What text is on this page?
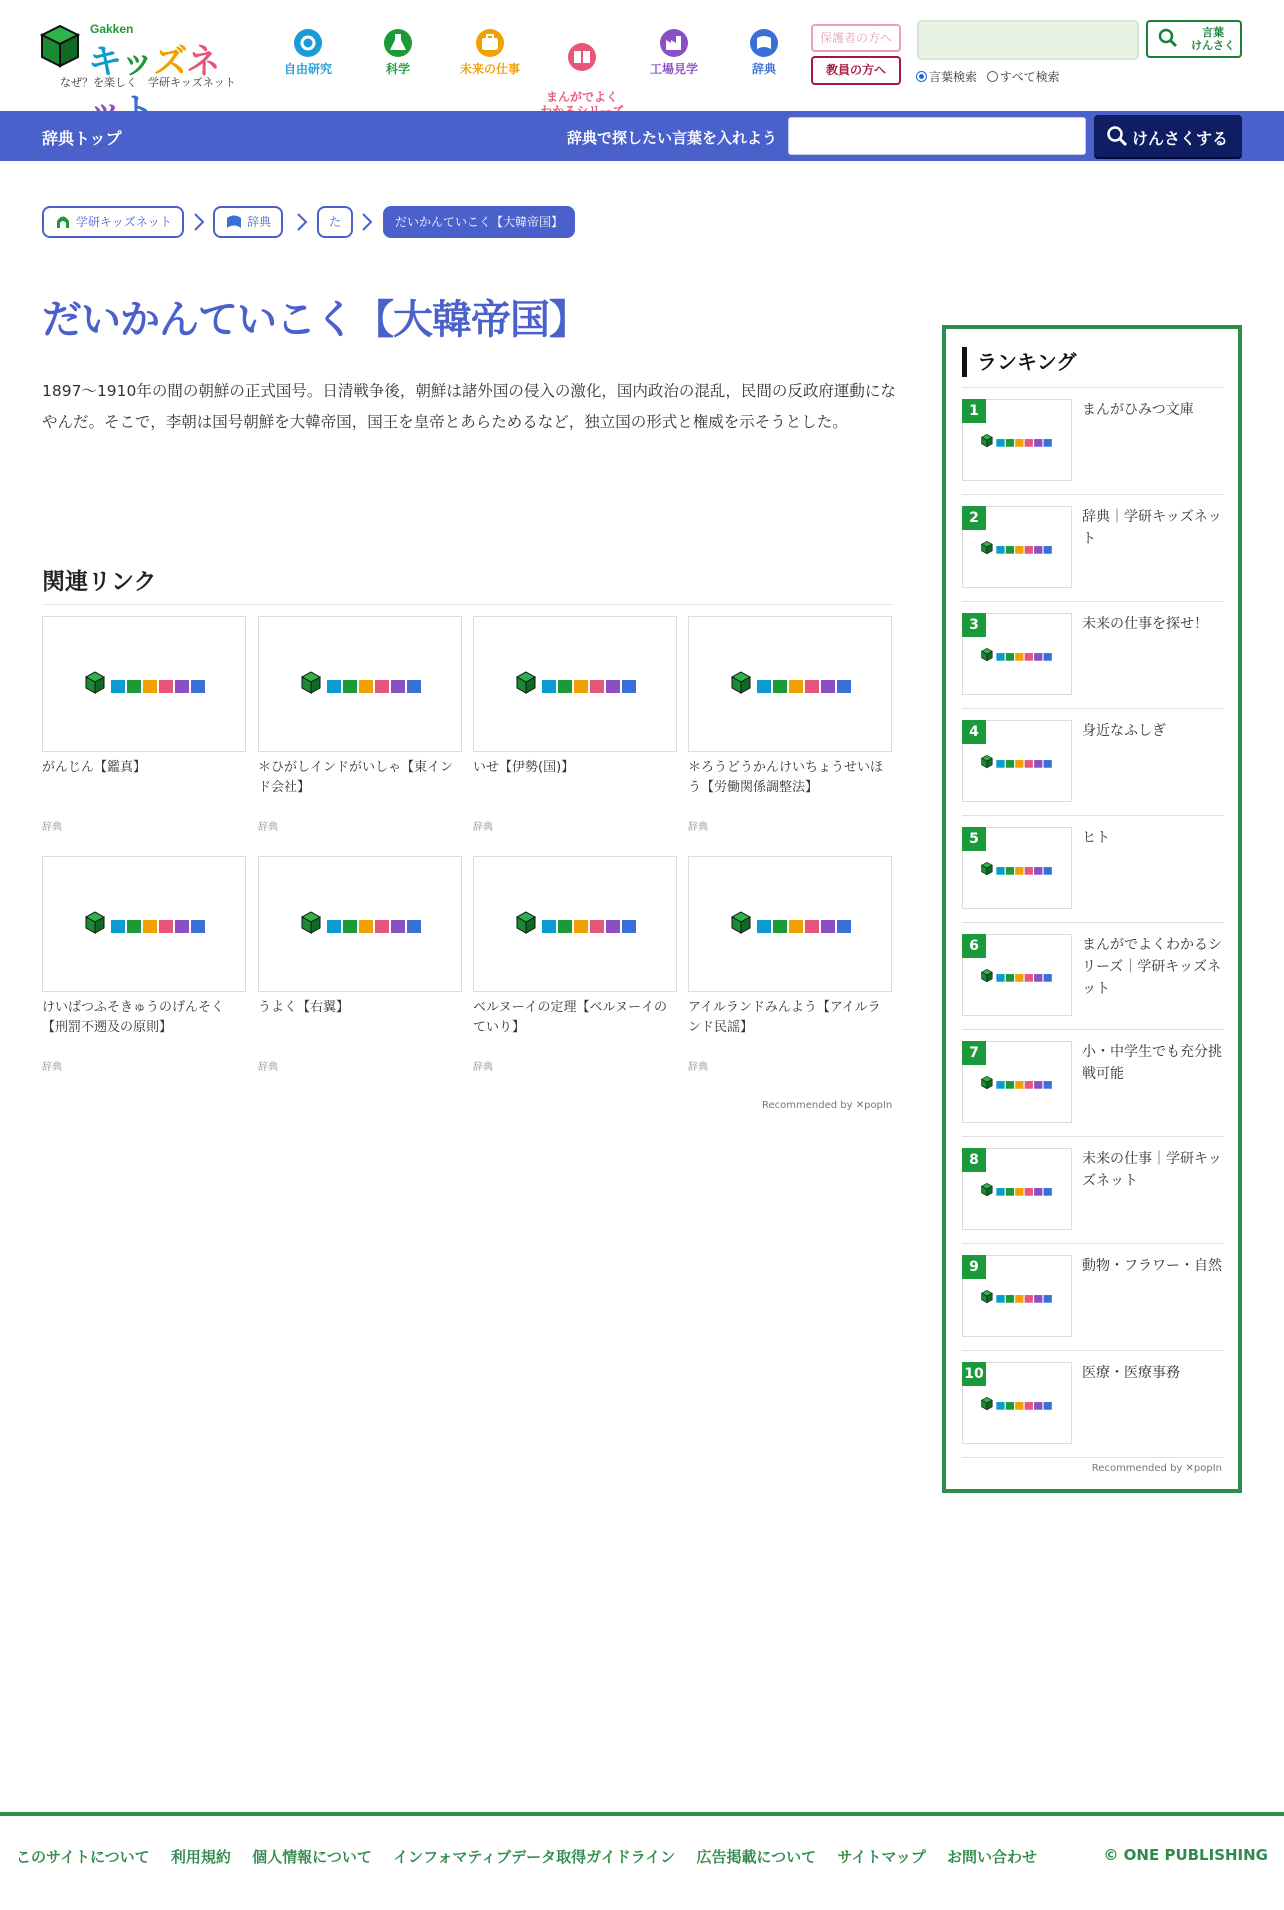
Gakken
キッズネ
なぜ？を楽しく　学研キッズネット
自由研究	科学	未来の仕事

まんがでよく

工場見学	辞典
保護者の方へ
教員の方へ
言葉
けんさく
言葉検索 すべて検索
辞典トップ	辞典で探したい言葉を入れよう	けんさくする
学研キッズネット	辞典	た	だいかんていこく【大韓帝国】
だいかんていこく【大韓帝国】
1897〜1910年の間の朝鮮の正式国号。日清戦争後，朝鮮は諸外国の侵入の激化，国内政治の混乱，民間の反政府運動にな
やんだ。そこで，李朝は国号朝鮮を大韓帝国，国王を皇帝とあらためるなど，独立国の形式と権威を示そうとした。
関連リンク
がんじん【鑑真】
辞典
＊ひがしインドがいしゃ【東インド会社】
辞典
いせ【伊勢(国)】
辞典
＊ろうどうかんけいちょうせいほう【労働関係調整法】
辞典
けいばつふそきゅうのげんそく【刑罰不遡及の原則】
辞典
うよく【右翼】
辞典
ベルヌーイの定理【ベルヌーイのていり】
辞典
アイルランドみんよう【アイルランド民謡】
辞典
Recommended by ✕popIn
ランキング
1	まんがひみつ文庫
2	辞典｜学研キッズネット
3	未来の仕事を探せ！
4	身近なふしぎ
5	ヒト
6	まんがでよくわかるシリーズ｜学研キッズネット
7	小・中学生でも充分挑戦可能
8	未来の仕事｜学研キッズネット
9	動物・フラワー・自然
10	医療・医療事務
Recommended by ✕popIn
このサイトについて 利用規約 個人情報について インフォマティブデータ取得ガイドライン 広告掲載について サイトマップ お問い合わせ	© ONE PUBLISHING
